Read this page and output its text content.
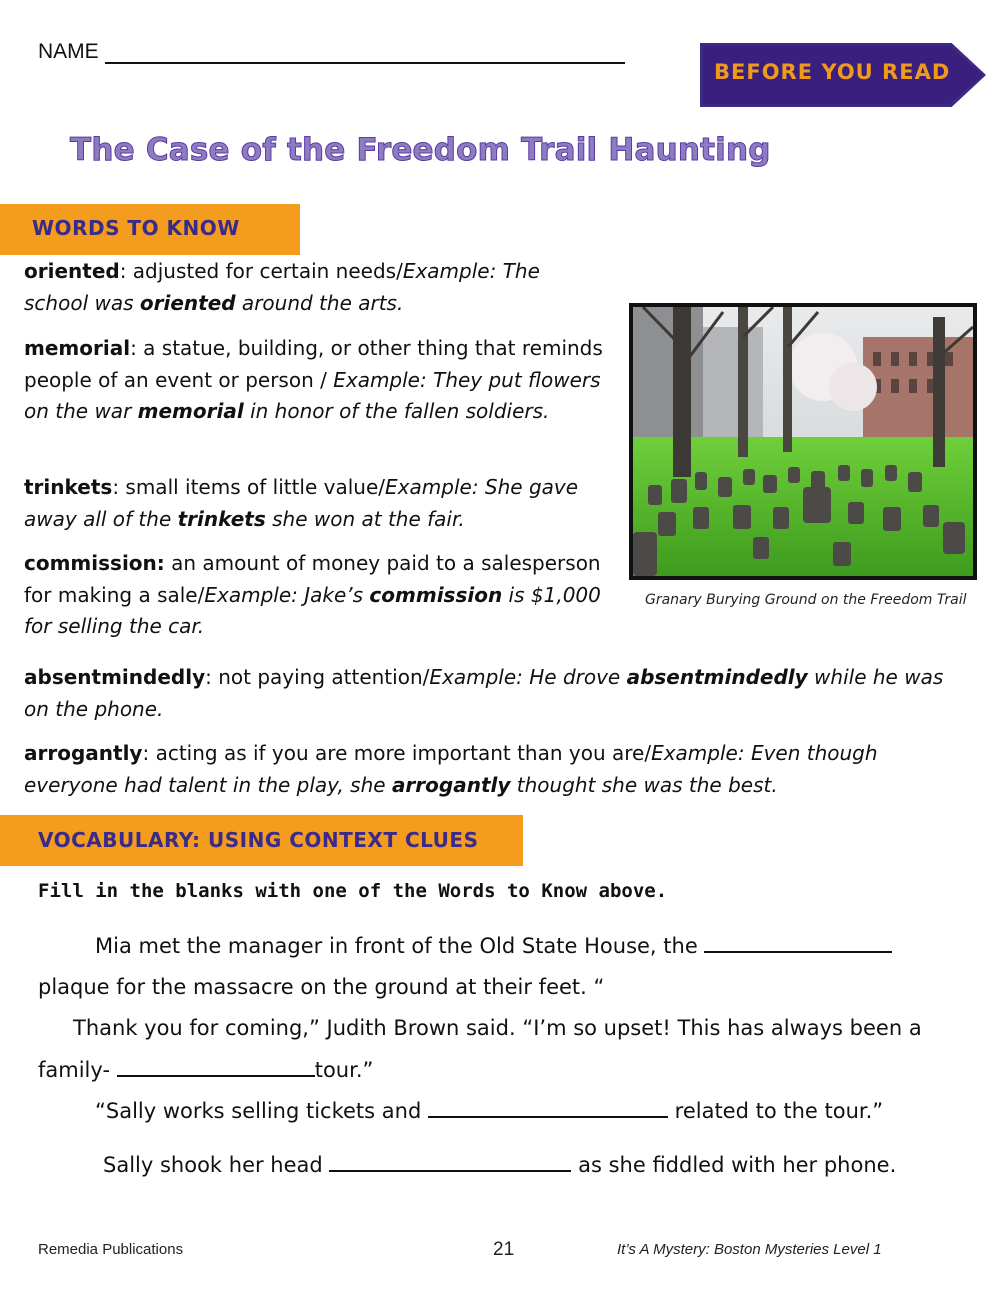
NAME
BEFORE YOU READ
The Case of the Freedom Trail Haunting
WORDS TO KNOW
oriented: adjusted for certain needs/Example: The school was oriented around the arts.
memorial: a statue, building, or other thing that reminds people of an event or person / Example: They put flowers on the war memorial in honor of the fallen soldiers.
trinkets: small items of little value/Example: She gave away all of the trinkets she won at the fair.
commission: an amount of money paid to a salesperson for making a sale/Example: Jake’s commission is $1,000 for selling the car.
absentmindedly: not paying attention/Example: He drove absentmindedly while he was on the phone.
arrogantly: acting as if you are more important than you are/Example: Even though everyone had talent in the play, she arrogantly thought she was the best.
Granary Burying Ground on the Freedom Trail
VOCABULARY: USING CONTEXT CLUES
Fill in the blanks with one of the Words to Know above.
Mia met the manager in front of the Old State House, the
plaque for the massacre on the ground at their feet. “
Thank you for coming,” Judith Brown said. “I’m so upset! This has always been a
family-	tour.”
“Sally works selling tickets and	related to the tour.”
Sally shook her head	as she fiddled with her phone.
Remedia Publications	21	It’s A Mystery: Boston Mysteries Level 1
